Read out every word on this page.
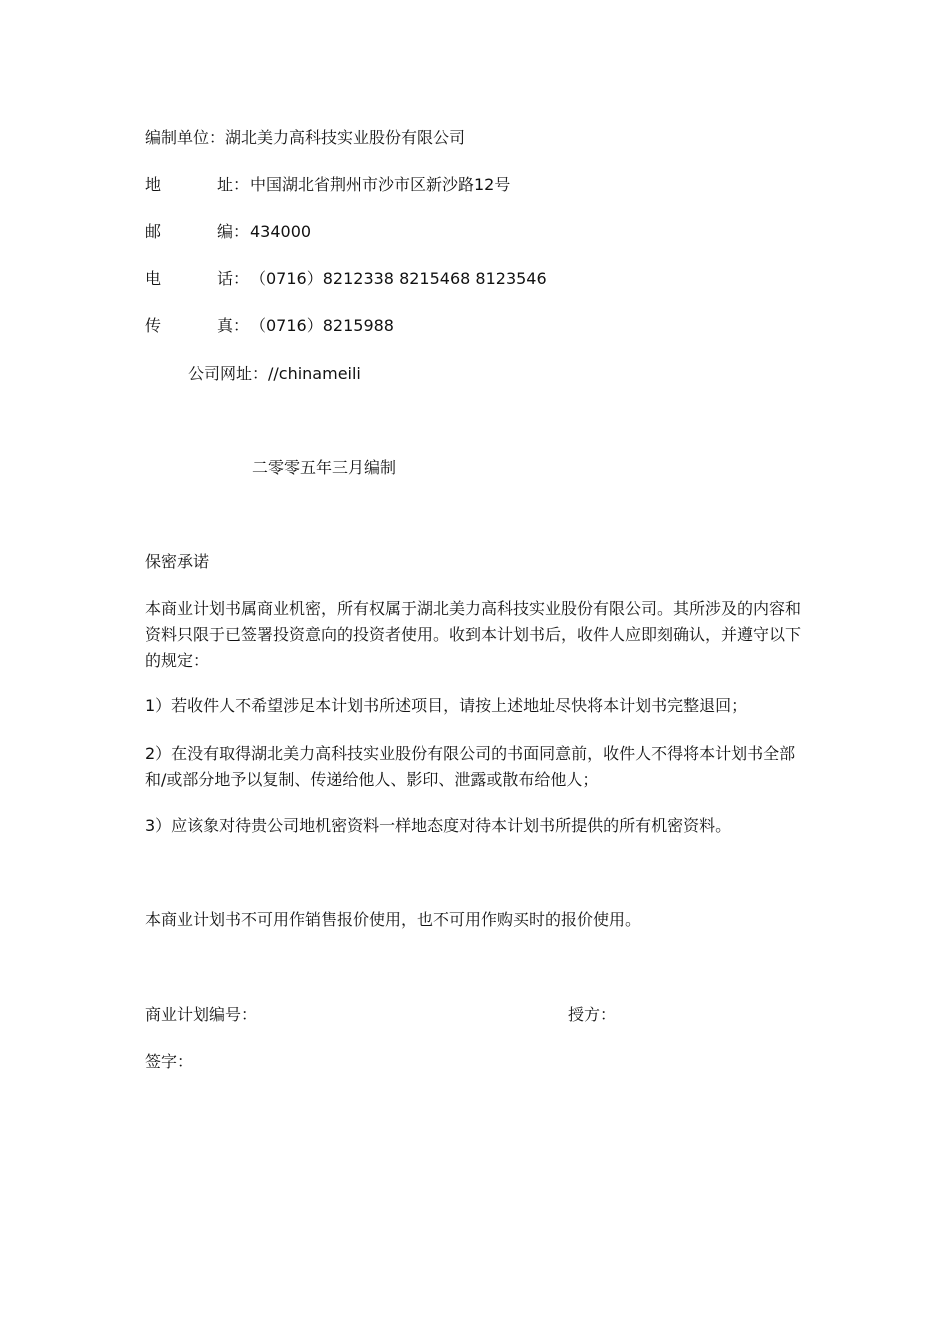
编制单位：湖北美力高科技实业股份有限公司
地	址： 中国湖北省荆州市沙市区新沙路12号
邮	编： 434000
电	话： （0716）8212338 8215468 8123546
传	真： （0716）8215988
公司网址：//chinameili
二零零五年三月编制
保密承诺
本商业计划书属商业机密，所有权属于湖北美力高科技实业股份有限公司。其所涉及的内容和资料只限于已签署投资意向的投资者使用。收到本计划书后，收件人应即刻确认，并遵守以下的规定：
1）若收件人不希望涉足本计划书所述项目，请按上述地址尽快将本计划书完整退回；
2）在没有取得湖北美力高科技实业股份有限公司的书面同意前，收件人不得将本计划书全部和/或部分地予以复制、传递给他人、影印、泄露或散布给他人；
3）应该象对待贵公司地机密资料一样地态度对待本计划书所提供的所有机密资料。
本商业计划书不可用作销售报价使用，也不可用作购买时的报价使用。
商业计划编号：	授方：
签字：
